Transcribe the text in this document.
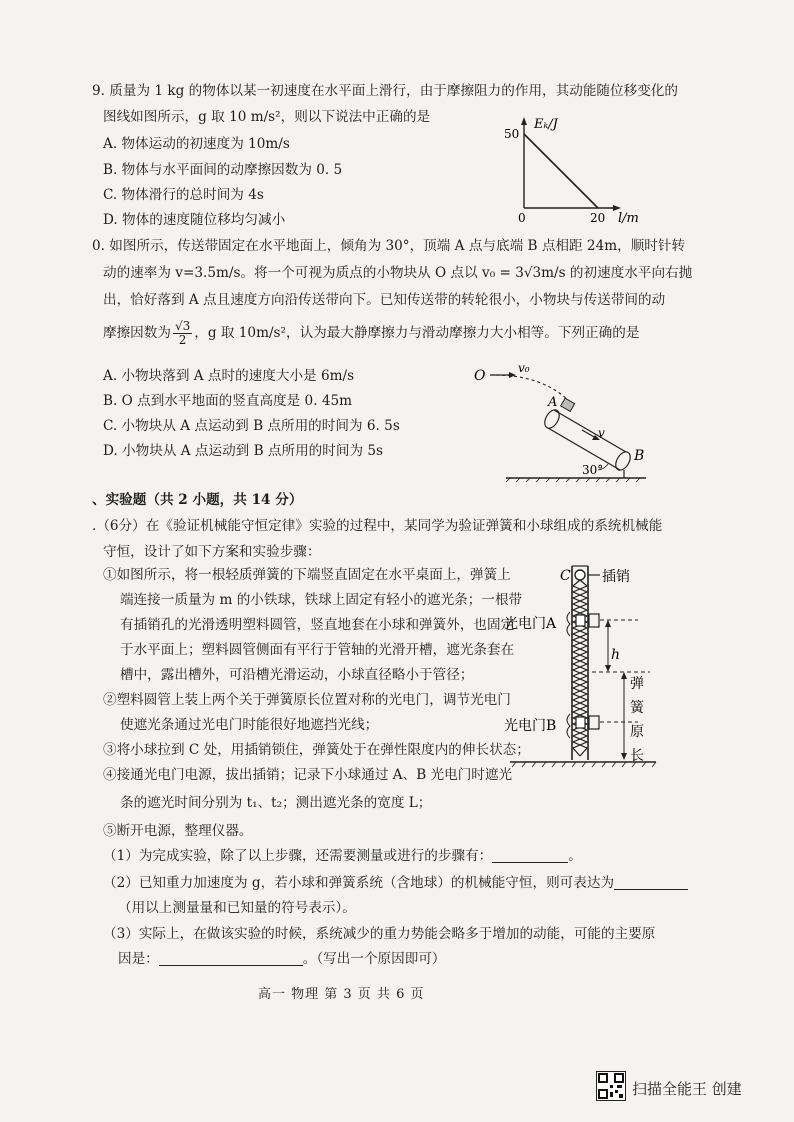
9. 质量为 1 kg 的物体以某一初速度在水平面上滑行，由于摩擦阻力的作用，其动能随位移变化的
图线如图所示，g 取 10 m/s²，则以下说法中正确的是
A. 物体运动的初速度为 10m/s
B. 物体与水平面间的动摩擦因数为 0. 5
C. 物体滑行的总时间为 4s
D. 物体的速度随位移均匀减小
Eₖ/J
50
0	20 l/m
0. 如图所示，传送带固定在水平地面上，倾角为 30°，顶端 A 点与底端 B 点相距 24m，顺时针转
动的速率为 v=3.5m/s。将一个可视为质点的小物块从 O 点以 v₀ = 3√3m/s 的初速度水平向右抛
出，恰好落到 A 点且速度方向沿传送带向下。已知传送带的转轮很小，小物块与传送带间的动
摩擦因数为 $\frac{√3}{2}$ ，g 取 10m/s²，认为最大静摩擦力与滑动摩擦力大小相等。下列正确的是
A. 小物块落到 A 点时的速度大小是 6m/s
B. O 点到水平地面的竖直高度是 0. 45m
C. 小物块从 A 点运动到 B 点所用的时间为 6. 5s
D. 小物块从 A 点运动到 B 点所用的时间为 5s
O	v₀
A
v
B
30°
、实验题（共 2 小题，共 14 分）
.（6分）在《验证机械能守恒定律》实验的过程中，某同学为验证弹簧和小球组成的系统机械能
守恒，设计了如下方案和实验步骤：
①如图所示，将一根轻质弹簧的下端竖直固定在水平桌面上，弹簧上
端连接一质量为 m 的小铁球，铁球上固定有轻小的遮光条；一根带
有插销孔的光滑透明塑料圆管，竖直地套在小球和弹簧外，也固定
于水平面上；塑料圆管侧面有平行于管轴的光滑开槽，遮光条套在
槽中，露出槽外，可沿槽光滑运动，小球直径略小于管径；
②塑料圆管上装上两个关于弹簧原长位置对称的光电门，调节光电门
使遮光条通过光电门时能很好地遮挡光线；
③将小球拉到 C 处，用插销锁住，弹簧处于在弹性限度内的伸长状态；
④接通光电门电源，拔出插销；记录下小球通过 A、B 光电门时遮光
条的遮光时间分别为 t₁、t₂；测出遮光条的宽度 L；
⑤断开电源，整理仪器。
（1）为完成实验，除了以上步骤，还需要测量或进行的步骤有：	。
（2）已知重力加速度为 g，若小球和弹簧系统（含地球）的机械能守恒，则可表达为
（用以上测量量和已知量的符号表示）。
（3）实际上，在做该实验的时候，系统减少的重力势能会略多于增加的动能，可能的主要原
因是：	。（写出一个原因即可）
C 插销
光电门A
光电门B
h
弹
簧
原
长
高一 物理 第 3 页 共 6 页
扫描全能王 创建
